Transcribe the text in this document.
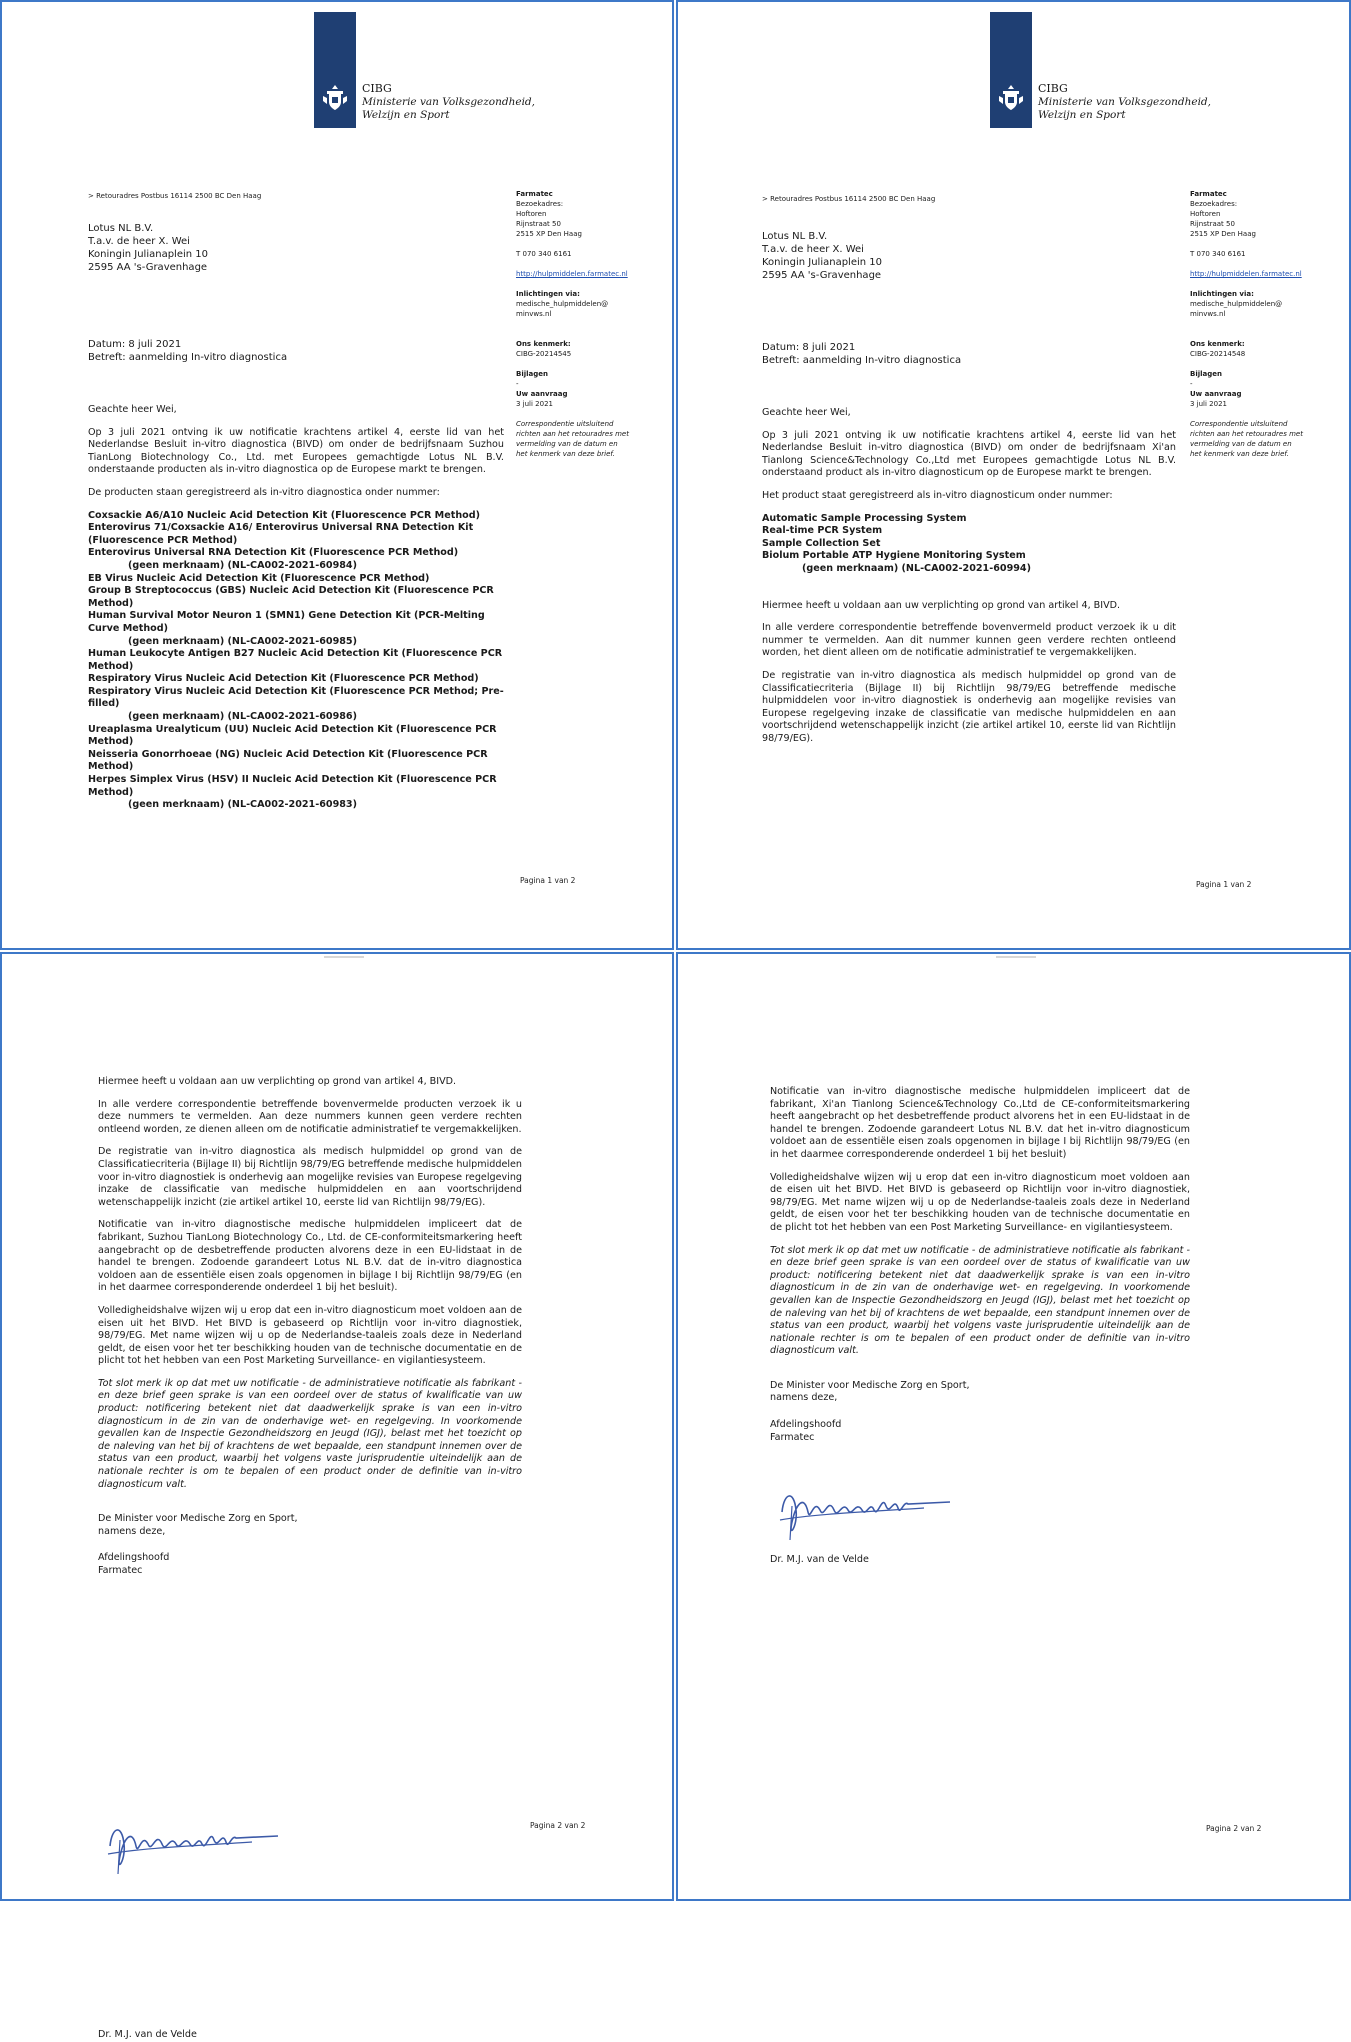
CIBG
Ministerie van Volksgezondheid,
Welzijn en Sport
> Retouradres Postbus 16114 2500 BC Den Haag
Lotus NL B.V.
T.a.v. de heer X. Wei
Koningin Julianaplein 10
2595 AA 's-Gravenhage
Datum: 8 juli 2021
Betreft: aanmelding In-vitro diagnostica
Farmatec
Bezoekadres:
Hoftoren
Rijnstraat 50
2515 XP Den Haag
T 070 340 6161
http://hulpmiddelen.farmatec.nl
Inlichtingen via:
medische_hulpmiddelen@
minvws.nl
Ons kenmerk:
CIBG-20214545
Bijlagen
-
Uw aanvraag
3 juli 2021
Correspondentie uitsluitend
richten aan het retouradres met
vermelding van de datum en
het kenmerk van deze brief.

Geachte heer Wei,

Op 3 juli 2021 ontving ik uw notificatie krachtens artikel 4, eerste lid van het Nederlandse Besluit in-vitro diagnostica (BIVD) om onder de bedrijfsnaam Suzhou TianLong Biotechnology Co., Ltd. met Europees gemachtigde Lotus NL B.V. onderstaande producten als in-vitro diagnostica op de Europese markt te brengen.

De producten staan geregistreerd als in-vitro diagnostica onder nummer:

Coxsackie A6/A10 Nucleic Acid Detection Kit (Fluorescence PCR Method)
Enterovirus 71/Coxsackie A16/ Enterovirus Universal RNA Detection Kit (Fluorescence PCR Method)
Enterovirus Universal RNA Detection Kit (Fluorescence PCR Method)
(geen merknaam) (NL-CA002-2021-60984)
EB Virus Nucleic Acid Detection Kit (Fluorescence PCR Method)
Group B Streptococcus (GBS) Nucleic Acid Detection Kit (Fluorescence PCR Method)
Human Survival Motor Neuron 1 (SMN1) Gene Detection Kit (PCR-Melting Curve Method)
(geen merknaam) (NL-CA002-2021-60985)
Human Leukocyte Antigen B27 Nucleic Acid Detection Kit (Fluorescence PCR Method)
Respiratory Virus Nucleic Acid Detection Kit (Fluorescence PCR Method)
Respiratory Virus Nucleic Acid Detection Kit (Fluorescence PCR Method; Pre-filled)
(geen merknaam) (NL-CA002-2021-60986)
Ureaplasma Urealyticum (UU) Nucleic Acid Detection Kit (Fluorescence PCR Method)
Neisseria Gonorrhoeae (NG) Nucleic Acid Detection Kit (Fluorescence PCR Method)
Herpes Simplex Virus (HSV) II Nucleic Acid Detection Kit (Fluorescence PCR Method)
(geen merknaam) (NL-CA002-2021-60983)
Pagina 1 van 2
CIBG
Ministerie van Volksgezondheid,
Welzijn en Sport
> Retouradres Postbus 16114 2500 BC Den Haag
Lotus NL B.V.
T.a.v. de heer X. Wei
Koningin Julianaplein 10
2595 AA 's-Gravenhage
Datum: 8 juli 2021
Betreft: aanmelding In-vitro diagnostica
Farmatec
Bezoekadres:
Hoftoren
Rijnstraat 50
2515 XP Den Haag
T 070 340 6161
http://hulpmiddelen.farmatec.nl
Inlichtingen via:
medische_hulpmiddelen@
minvws.nl
Ons kenmerk:
CIBG-20214548
Bijlagen
-
Uw aanvraag
3 juli 2021
Correspondentie uitsluitend
richten aan het retouradres met
vermelding van de datum en
het kenmerk van deze brief.

Geachte heer Wei,

Op 3 juli 2021 ontving ik uw notificatie krachtens artikel 4, eerste lid van het Nederlandse Besluit in-vitro diagnostica (BIVD) om onder de bedrijfsnaam Xi'an Tianlong Science&Technology Co.,Ltd met Europees gemachtigde Lotus NL B.V. onderstaand product als in-vitro diagnosticum op de Europese markt te brengen.

Het product staat geregistreerd als in-vitro diagnosticum onder nummer:

Automatic Sample Processing System
Real-time PCR System
Sample Collection Set
Biolum Portable ATP Hygiene Monitoring System
(geen merknaam) (NL-CA002-2021-60994)

Hiermee heeft u voldaan aan uw verplichting op grond van artikel 4, BIVD.

In alle verdere correspondentie betreffende bovenvermeld product verzoek ik u dit nummer te vermelden. Aan dit nummer kunnen geen verdere rechten ontleend worden, het dient alleen om de notificatie administratief te vergemakkelijken.

De registratie van in-vitro diagnostica als medisch hulpmiddel op grond van de Classificatiecriteria (Bijlage II) bij Richtlijn 98/79/EG betreffende medische hulpmiddelen voor in-vitro diagnostiek is onderhevig aan mogelijke revisies van Europese regelgeving inzake de classificatie van medische hulpmiddelen en aan voortschrijdend wetenschappelijk inzicht (zie artikel artikel 10, eerste lid van Richtlijn 98/79/EG).

Pagina 1 van 2

Hiermee heeft u voldaan aan uw verplichting op grond van artikel 4, BIVD.

In alle verdere correspondentie betreffende bovenvermelde producten verzoek ik u deze nummers te vermelden. Aan deze nummers kunnen geen verdere rechten ontleend worden, ze dienen alleen om de notificatie administratief te vergemakkelijken.

De registratie van in-vitro diagnostica als medisch hulpmiddel op grond van de Classificatiecriteria (Bijlage II) bij Richtlijn 98/79/EG betreffende medische hulpmiddelen voor in-vitro diagnostiek is onderhevig aan mogelijke revisies van Europese regelgeving inzake de classificatie van medische hulpmiddelen en aan voortschrijdend wetenschappelijk inzicht (zie artikel artikel 10, eerste lid van Richtlijn 98/79/EG).

Notificatie van in-vitro diagnostische medische hulpmiddelen impliceert dat de fabrikant, Suzhou TianLong Biotechnology Co., Ltd. de CE-conformiteitsmarkering heeft aangebracht op de desbetreffende producten alvorens deze in een EU-lidstaat in de handel te brengen. Zodoende garandeert Lotus NL B.V. dat de in-vitro diagnostica voldoen aan de essentiële eisen zoals opgenomen in bijlage I bij Richtlijn 98/79/EG (en in het daarmee corresponderende onderdeel 1 bij het besluit).

Volledigheidshalve wijzen wij u erop dat een in-vitro diagnosticum moet voldoen aan de eisen uit het BIVD. Het BIVD is gebaseerd op Richtlijn voor in-vitro diagnostiek, 98/79/EG. Met name wijzen wij u op de Nederlandse-taaleis zoals deze in Nederland geldt, de eisen voor het ter beschikking houden van de technische documentatie en de plicht tot het hebben van een Post Marketing Surveillance- en vigilantiesysteem.

Tot slot merk ik op dat met uw notificatie - de administratieve notificatie als fabrikant - en deze brief geen sprake is van een oordeel over de status of kwalificatie van uw product: notificering betekent niet dat daadwerkelijk sprake is van een in-vitro diagnosticum in de zin van de onderhavige wet- en regelgeving. In voorkomende gevallen kan de Inspectie Gezondheidszorg en Jeugd (IGJ), belast met het toezicht op de naleving van het bij of krachtens de wet bepaalde, een standpunt innemen over de status van een product, waarbij het volgens vaste jurisprudentie uiteindelijk aan de nationale rechter is om te bepalen of een product onder de definitie van in-vitro diagnosticum valt.

De Minister voor Medische Zorg en Sport,
namens deze,
Afdelingshoofd
Farmatec
Dr. M.J. van de Velde
Pagina 2 van 2

Notificatie van in-vitro diagnostische medische hulpmiddelen impliceert dat de fabrikant, Xi'an Tianlong Science&Technology Co.,Ltd de CE-conformiteitsmarkering heeft aangebracht op het desbetreffende product alvorens het in een EU-lidstaat in de handel te brengen. Zodoende garandeert Lotus NL B.V. dat het in-vitro diagnosticum voldoet aan de essentiële eisen zoals opgenomen in bijlage I bij Richtlijn 98/79/EG (en in het daarmee corresponderende onderdeel 1 bij het besluit)

Volledigheidshalve wijzen wij u erop dat een in-vitro diagnosticum moet voldoen aan de eisen uit het BIVD. Het BIVD is gebaseerd op Richtlijn voor in-vitro diagnostiek, 98/79/EG. Met name wijzen wij u op de Nederlandse-taaleis zoals deze in Nederland geldt, de eisen voor het ter beschikking houden van de technische documentatie en de plicht tot het hebben van een Post Marketing Surveillance- en vigilantiesysteem.

Tot slot merk ik op dat met uw notificatie - de administratieve notificatie als fabrikant - en deze brief geen sprake is van een oordeel over de status of kwalificatie van uw product: notificering betekent niet dat daadwerkelijk sprake is van een in-vitro diagnosticum in de zin van de onderhavige wet- en regelgeving. In voorkomende gevallen kan de Inspectie Gezondheidszorg en Jeugd (IGJ), belast met het toezicht op de naleving van het bij of krachtens de wet bepaalde, een standpunt innemen over de status van een product, waarbij het volgens vaste jurisprudentie uiteindelijk aan de nationale rechter is om te bepalen of een product onder de definitie van in-vitro diagnosticum valt.

De Minister voor Medische Zorg en Sport,
namens deze,
Afdelingshoofd
Farmatec
Dr. M.J. van de Velde
Pagina 2 van 2
